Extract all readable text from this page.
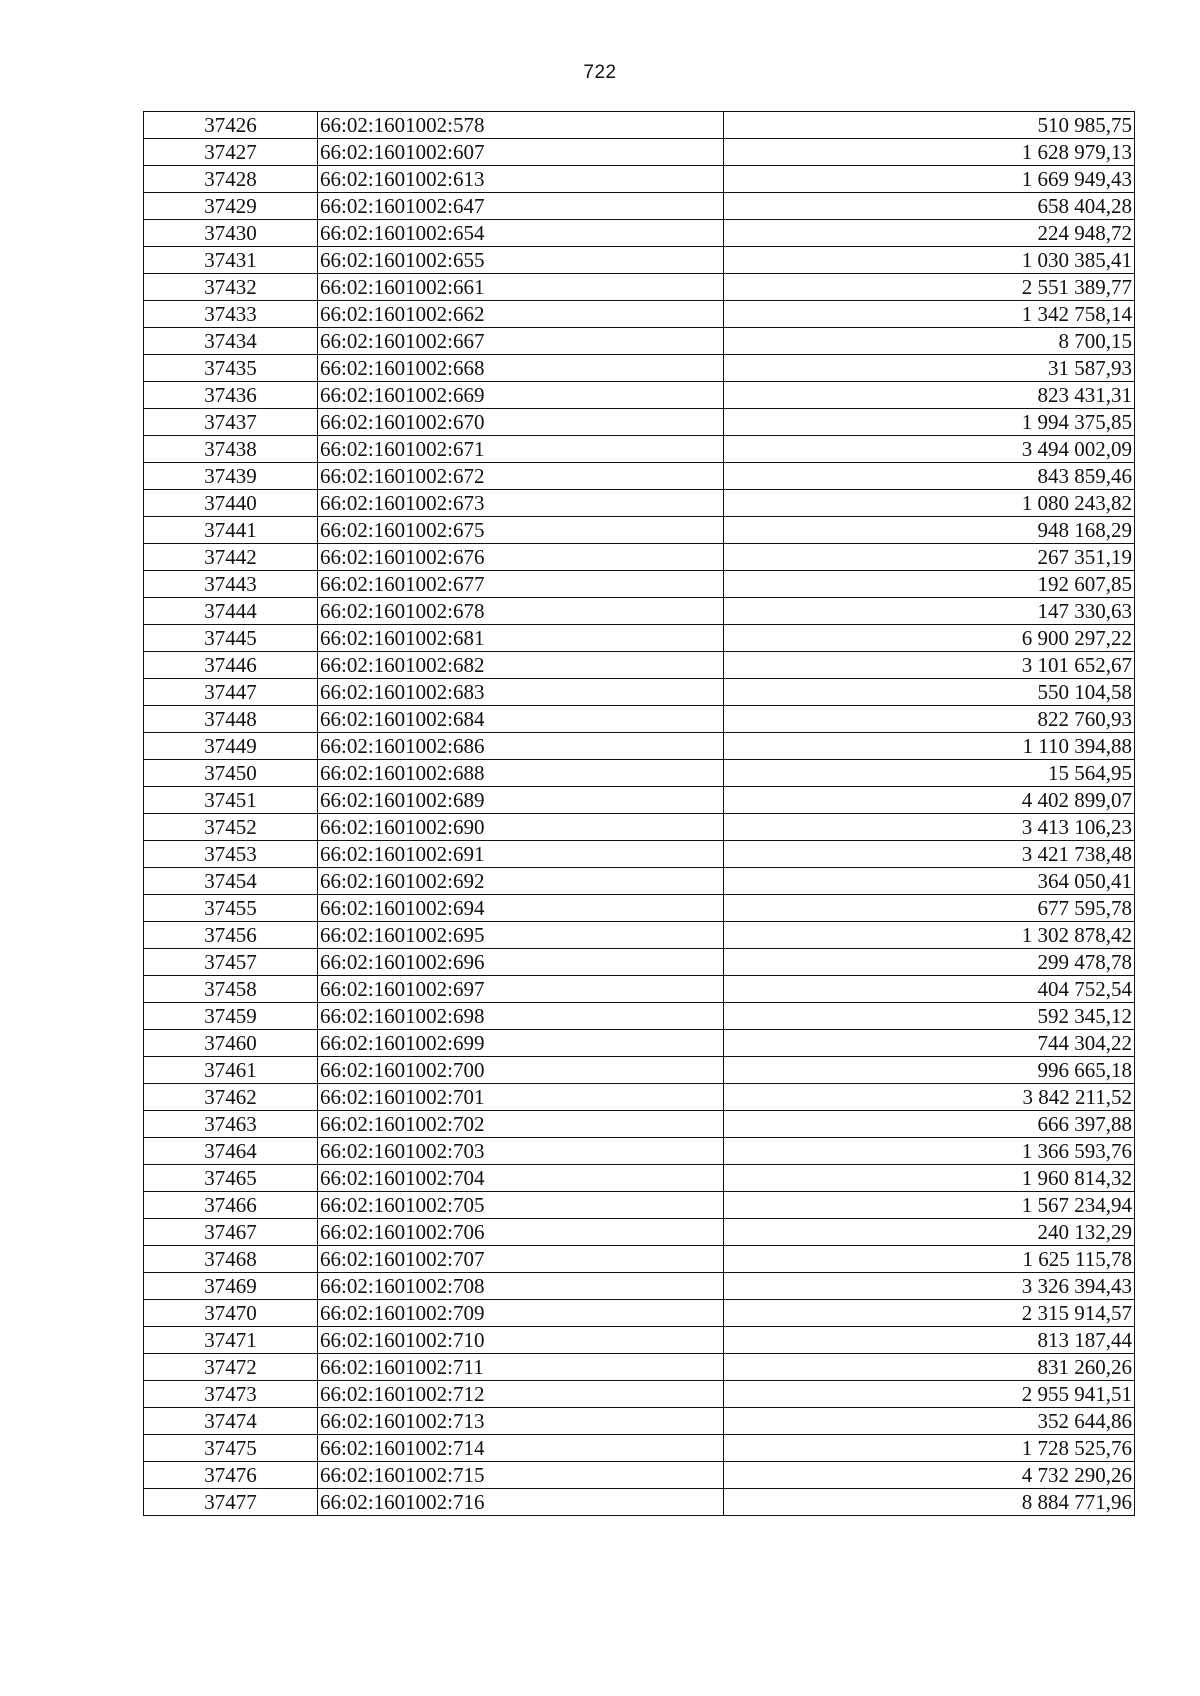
722
37426	66:02:1601002:578	510 985,75
37427	66:02:1601002:607	1 628 979,13
37428	66:02:1601002:613	1 669 949,43
37429	66:02:1601002:647	658 404,28
37430	66:02:1601002:654	224 948,72
37431	66:02:1601002:655	1 030 385,41
37432	66:02:1601002:661	2 551 389,77
37433	66:02:1601002:662	1 342 758,14
37434	66:02:1601002:667	8 700,15
37435	66:02:1601002:668	31 587,93
37436	66:02:1601002:669	823 431,31
37437	66:02:1601002:670	1 994 375,85
37438	66:02:1601002:671	3 494 002,09
37439	66:02:1601002:672	843 859,46
37440	66:02:1601002:673	1 080 243,82
37441	66:02:1601002:675	948 168,29
37442	66:02:1601002:676	267 351,19
37443	66:02:1601002:677	192 607,85
37444	66:02:1601002:678	147 330,63
37445	66:02:1601002:681	6 900 297,22
37446	66:02:1601002:682	3 101 652,67
37447	66:02:1601002:683	550 104,58
37448	66:02:1601002:684	822 760,93
37449	66:02:1601002:686	1 110 394,88
37450	66:02:1601002:688	15 564,95
37451	66:02:1601002:689	4 402 899,07
37452	66:02:1601002:690	3 413 106,23
37453	66:02:1601002:691	3 421 738,48
37454	66:02:1601002:692	364 050,41
37455	66:02:1601002:694	677 595,78
37456	66:02:1601002:695	1 302 878,42
37457	66:02:1601002:696	299 478,78
37458	66:02:1601002:697	404 752,54
37459	66:02:1601002:698	592 345,12
37460	66:02:1601002:699	744 304,22
37461	66:02:1601002:700	996 665,18
37462	66:02:1601002:701	3 842 211,52
37463	66:02:1601002:702	666 397,88
37464	66:02:1601002:703	1 366 593,76
37465	66:02:1601002:704	1 960 814,32
37466	66:02:1601002:705	1 567 234,94
37467	66:02:1601002:706	240 132,29
37468	66:02:1601002:707	1 625 115,78
37469	66:02:1601002:708	3 326 394,43
37470	66:02:1601002:709	2 315 914,57
37471	66:02:1601002:710	813 187,44
37472	66:02:1601002:711	831 260,26
37473	66:02:1601002:712	2 955 941,51
37474	66:02:1601002:713	352 644,86
37475	66:02:1601002:714	1 728 525,76
37476	66:02:1601002:715	4 732 290,26
37477	66:02:1601002:716	8 884 771,96
